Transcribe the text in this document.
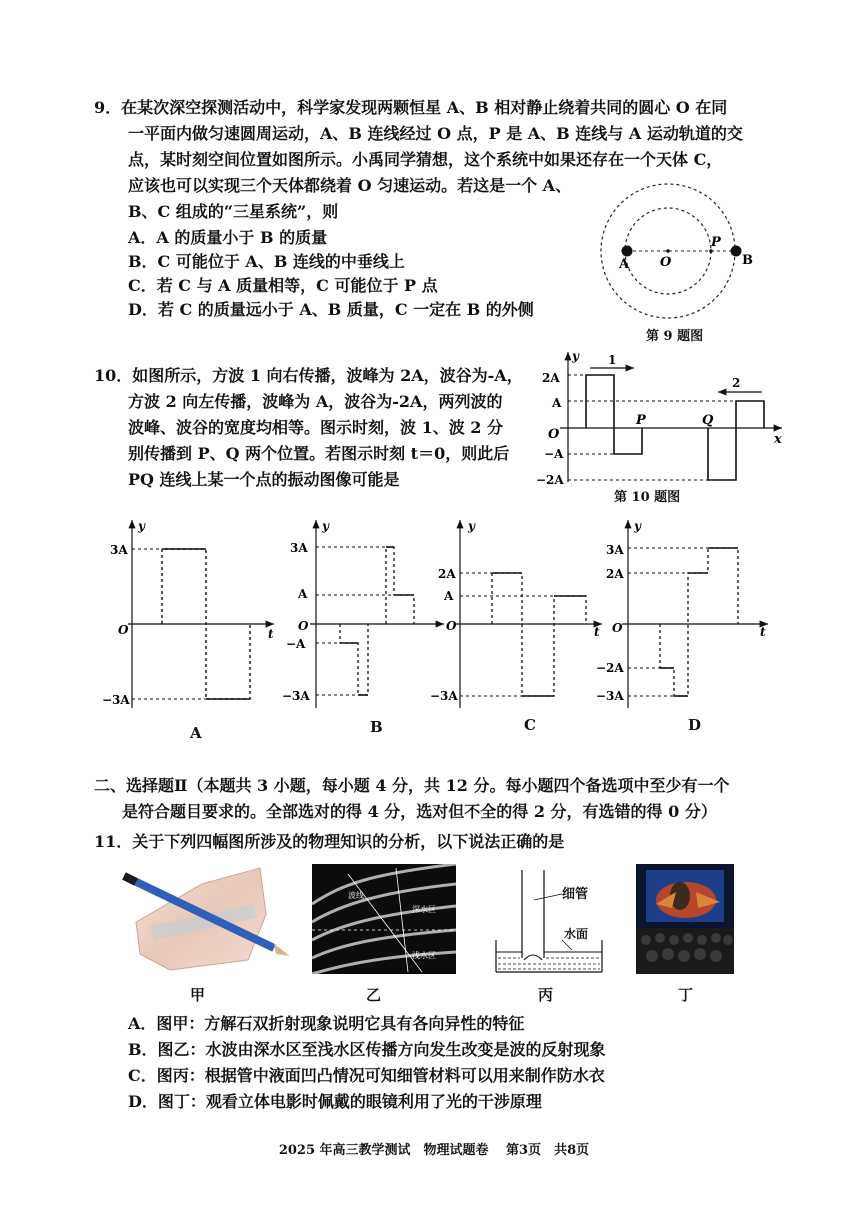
9．在某次深空探测活动中，科学家发现两颗恒星 A、B 相对静止绕着共同的圆心 O 在同
一平面内做匀速圆周运动，A、B 连线经过 O 点，P 是 A、B 连线与 A 运动轨道的交
点，某时刻空间位置如图所示。小禹同学猜想，这个系统中如果还存在一个天体 C，
应该也可以实现三个天体都绕着 O 匀速运动。若这是一个 A、
B、C 组成的“三星系统”，则
A．A 的质量小于 B 的质量
B．C 可能位于 A、B 连线的中垂线上
C．若 C 与 A 质量相等，C 可能位于 P 点
D．若 C 的质量远小于 A、B 质量，C 一定在 B 的外侧
A O
P
B
第 9 题图
10．如图所示，方波 1 向右传播，波峰为 2A，波谷为-A，
方波 2 向左传播，波峰为 A，波谷为-2A，两列波的
波峰、波谷的宽度均相等。图示时刻，波 1、波 2 分
别传播到 P、Q 两个位置。若图示时刻 t＝0，则此后
PQ 连线上某一个点的振动图像可能是
y
x
O
2A
A
−A
−2A
1
2
P	Q
第 10 题图
y
t
O
3A
−3A
A
y
O
3A
A
−A
−3A
B
y
t
O
2A
A
−3A
C
y
t
O
3A
2A
−2A
−3A
D
二、选择题Ⅱ（本题共 3 小题，每小题 4 分，共 12 分。每小题四个备选项中至少有一个
是符合题目要求的。全部选对的得 4 分，选对但不全的得 2 分，有选错的得 0 分）
11．关于下列四幅图所涉及的物理知识的分析，以下说法正确的是
甲
波线
深水区
浅水区
乙
细管
水面
丙	丁
A．图甲：方解石双折射现象说明它具有各向异性的特征
B．图乙：水波由深水区至浅水区传播方向发生改变是波的反射现象
C．图丙：根据管中液面凹凸情况可知细管材料可以用来制作防水衣
D．图丁：观看立体电影时佩戴的眼镜利用了光的干涉原理
2025 年高三教学测试　物理试题卷　 第3页　共8页
